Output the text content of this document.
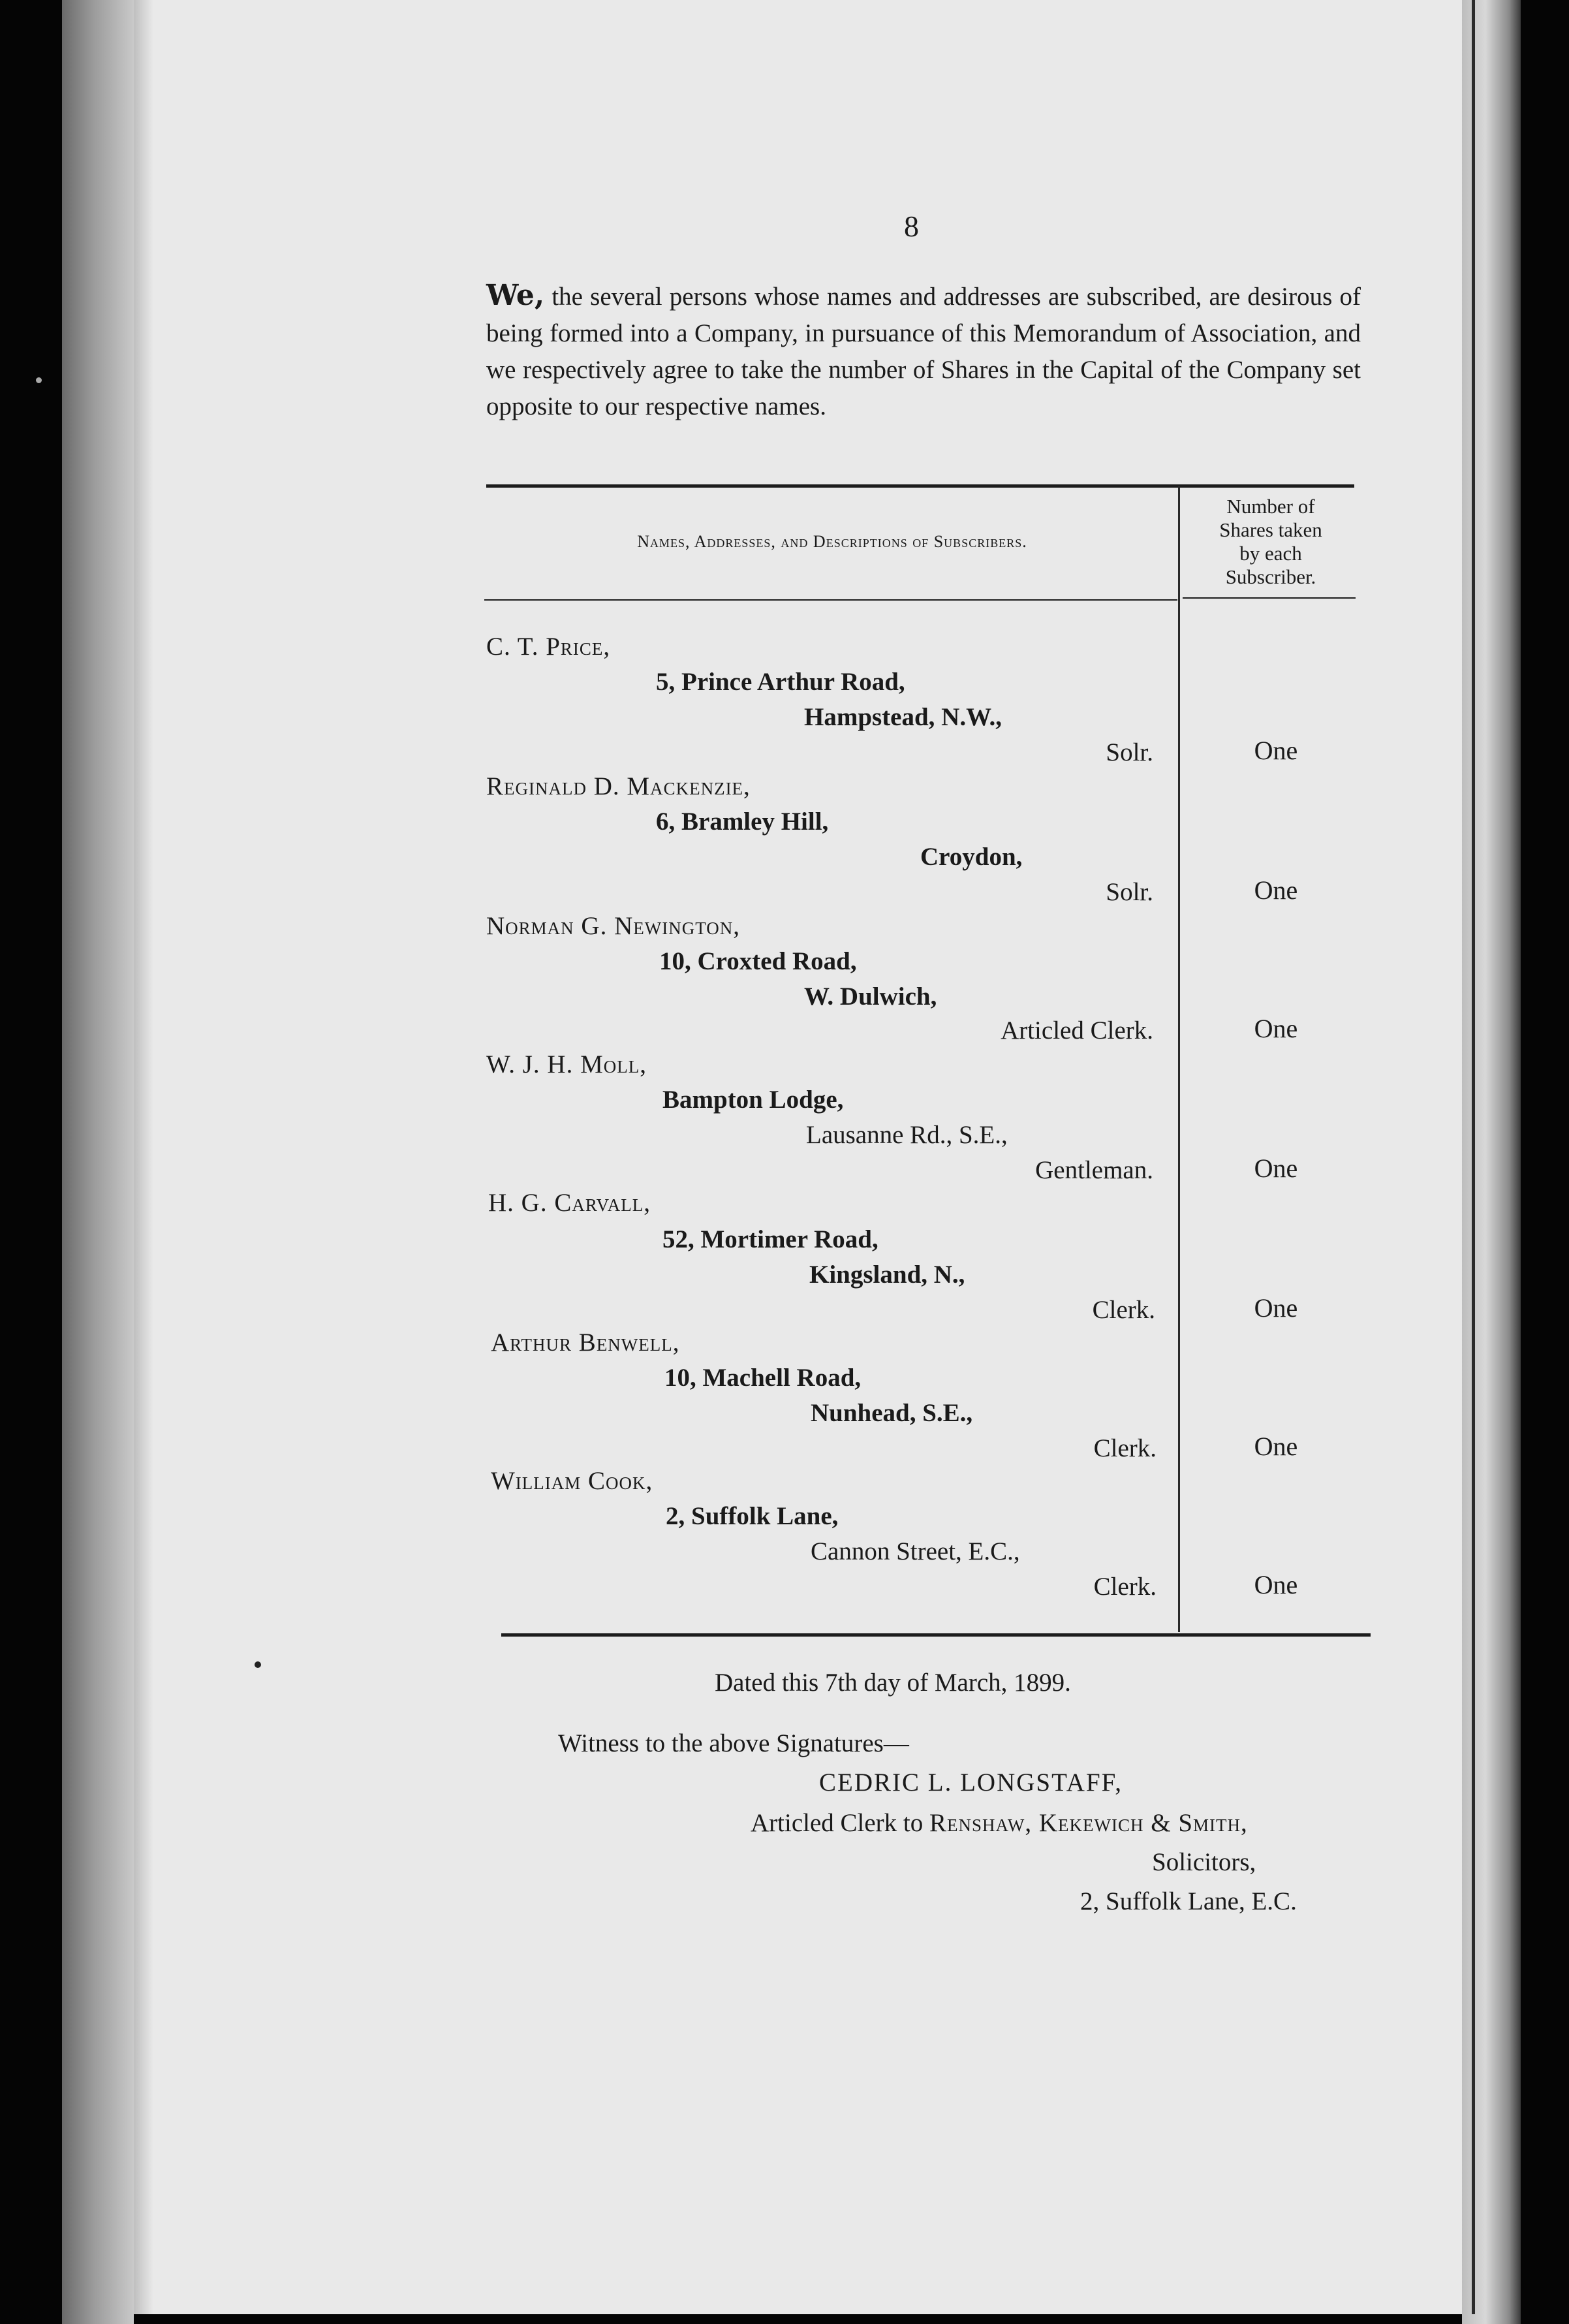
8
We, the several persons whose names and addresses are subscribed, are desirous of being formed into a Company, in pursuance of this Memorandum of Association, and we respectively agree to take the number of Shares in the Capital of the Company set opposite to our respective names.
Names, Addresses, and Descriptions of Subscribers.
Number of
Shares taken
by each
Subscriber.
C. T. Price,
5, Prince Arthur Road,
Hampstead, N.W.,
Solr.	One
Reginald D. Mackenzie,
6, Bramley Hill,
Croydon,
Solr.	One
Norman G. Newington,
10, Croxted Road,
W. Dulwich,
Articled Clerk.	One
W. J. H. Moll,
Bampton Lodge,
Lausanne Rd., S.E.,
Gentleman.	One
H. G. Carvall,
52, Mortimer Road,
Kingsland, N.,
Clerk.	One
Arthur Benwell,
10, Machell Road,
Nunhead, S.E.,
Clerk.	One
William Cook,
2, Suffolk Lane,
Cannon Street, E.C.,
Clerk.	One
Dated this 7th day of March, 1899.
Witness to the above Signatures—
CEDRIC L. LONGSTAFF,
Articled Clerk to Renshaw, Kekewich & Smith,
Solicitors,
2, Suffolk Lane, E.C.
